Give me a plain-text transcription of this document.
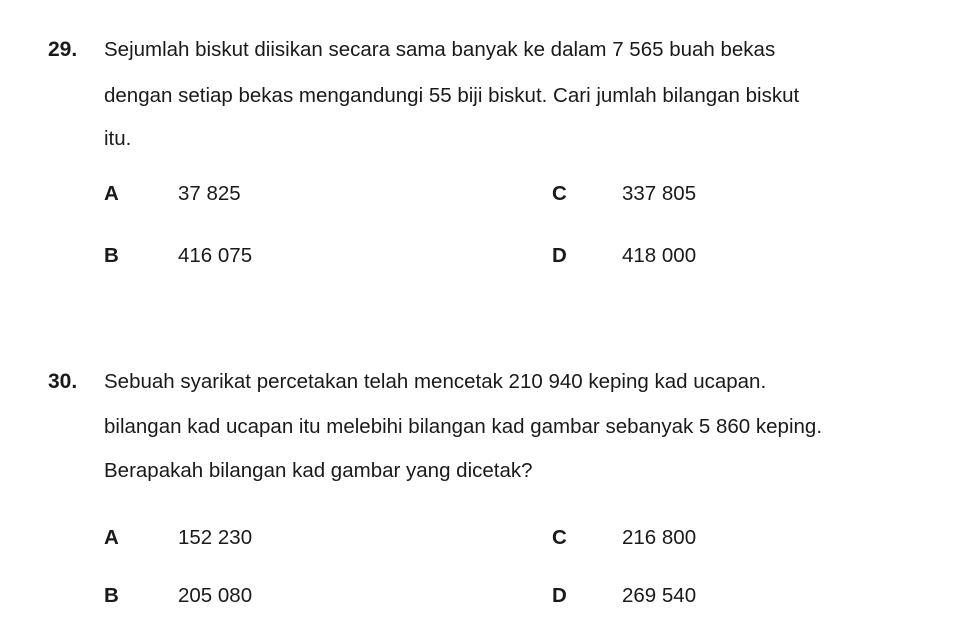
29. Sejumlah biskut diisikan secara sama banyak ke dalam 7 565 buah bekas
dengan setiap bekas mengandungi 55 biji biskut. Cari jumlah bilangan biskut
itu.
A	37 825	C	337 805
B	416 075	D	418 000
30. Sebuah syarikat percetakan telah mencetak 210 940 keping kad ucapan.
bilangan kad ucapan itu melebihi bilangan kad gambar sebanyak 5 860 keping.
Berapakah bilangan kad gambar yang dicetak?
A	152 230	C	216 800
B	205 080	D	269 540
